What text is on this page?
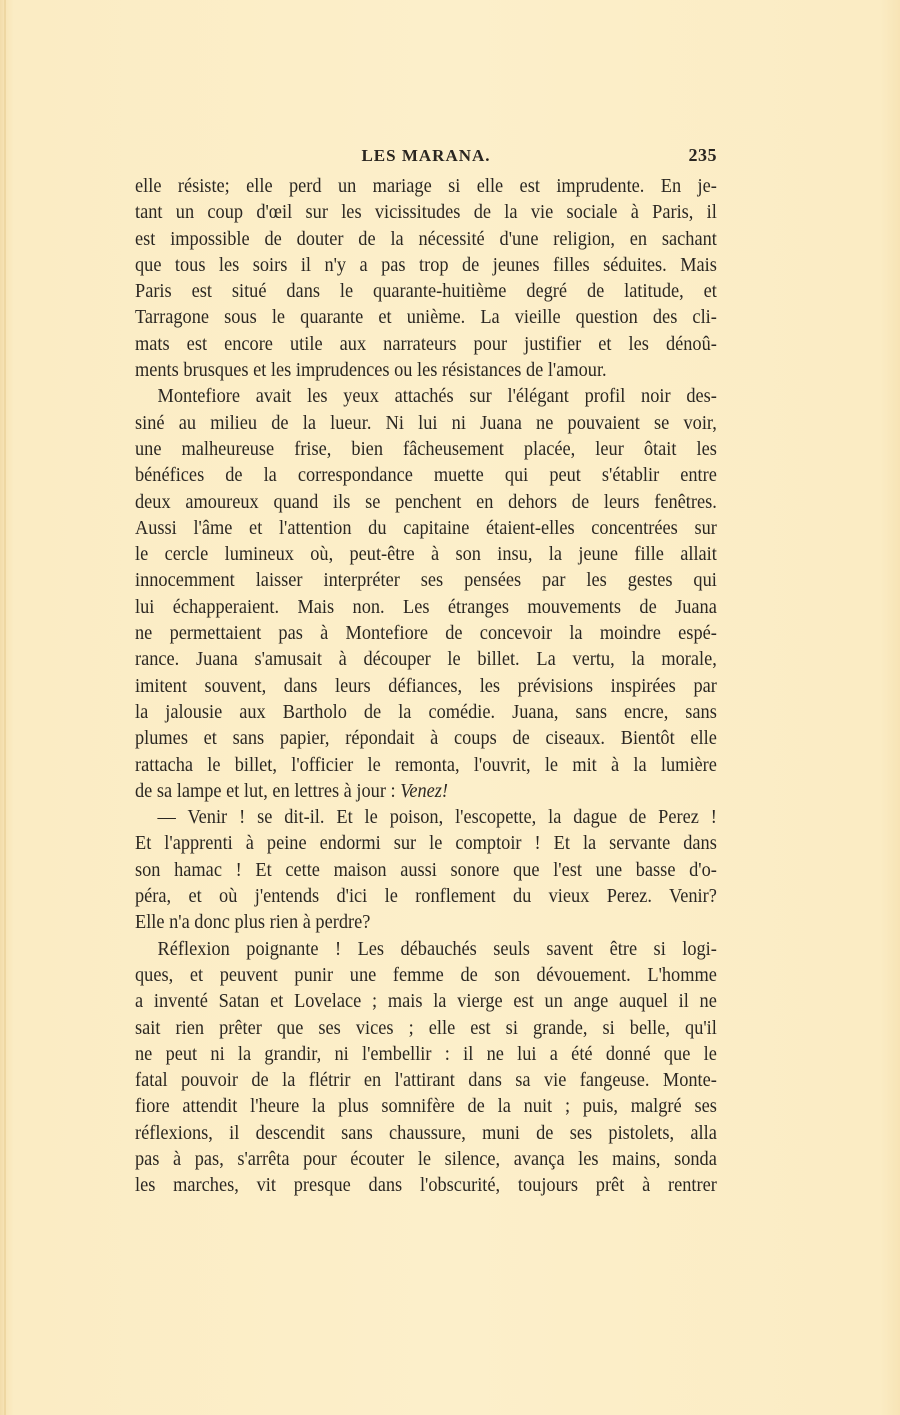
LES MARANA.	235
elle résiste; elle perd un mariage si elle est imprudente. En je-
tant un coup d'œil sur les vicissitudes de la vie sociale à Paris, il
est impossible de douter de la nécessité d'une religion, en sachant
que tous les soirs il n'y a pas trop de jeunes filles séduites. Mais
Paris est situé dans le quarante-huitième degré de latitude, et
Tarragone sous le quarante et unième. La vieille question des cli-
mats est encore utile aux narrateurs pour justifier et les dénoû-
ments brusques et les imprudences ou les résistances de l'amour.
Montefiore avait les yeux attachés sur l'élégant profil noir des-
siné au milieu de la lueur. Ni lui ni Juana ne pouvaient se voir,
une malheureuse frise, bien fâcheusement placée, leur ôtait les
bénéfices de la correspondance muette qui peut s'établir entre
deux amoureux quand ils se penchent en dehors de leurs fenêtres.
Aussi l'âme et l'attention du capitaine étaient-elles concentrées sur
le cercle lumineux où, peut-être à son insu, la jeune fille allait
innocemment laisser interpréter ses pensées par les gestes qui
lui échapperaient. Mais non. Les étranges mouvements de Juana
ne permettaient pas à Montefiore de concevoir la moindre espé-
rance. Juana s'amusait à découper le billet. La vertu, la morale,
imitent souvent, dans leurs défiances, les prévisions inspirées par
la jalousie aux Bartholo de la comédie. Juana, sans encre, sans
plumes et sans papier, répondait à coups de ciseaux. Bientôt elle
rattacha le billet, l'officier le remonta, l'ouvrit, le mit à la lumière
de sa lampe et lut, en lettres à jour : Venez!
— Venir ! se dit-il. Et le poison, l'escopette, la dague de Perez !
Et l'apprenti à peine endormi sur le comptoir ! Et la servante dans
son hamac ! Et cette maison aussi sonore que l'est une basse d'o-
péra, et où j'entends d'ici le ronflement du vieux Perez. Venir?
Elle n'a donc plus rien à perdre?
Réflexion poignante ! Les débauchés seuls savent être si logi-
ques, et peuvent punir une femme de son dévouement. L'homme
a inventé Satan et Lovelace ; mais la vierge est un ange auquel il ne
sait rien prêter que ses vices ; elle est si grande, si belle, qu'il
ne peut ni la grandir, ni l'embellir : il ne lui a été donné que le
fatal pouvoir de la flétrir en l'attirant dans sa vie fangeuse. Monte-
fiore attendit l'heure la plus somnifère de la nuit ; puis, malgré ses
réflexions, il descendit sans chaussure, muni de ses pistolets, alla
pas à pas, s'arrêta pour écouter le silence, avança les mains, sonda
les marches, vit presque dans l'obscurité, toujours prêt à rentrer
